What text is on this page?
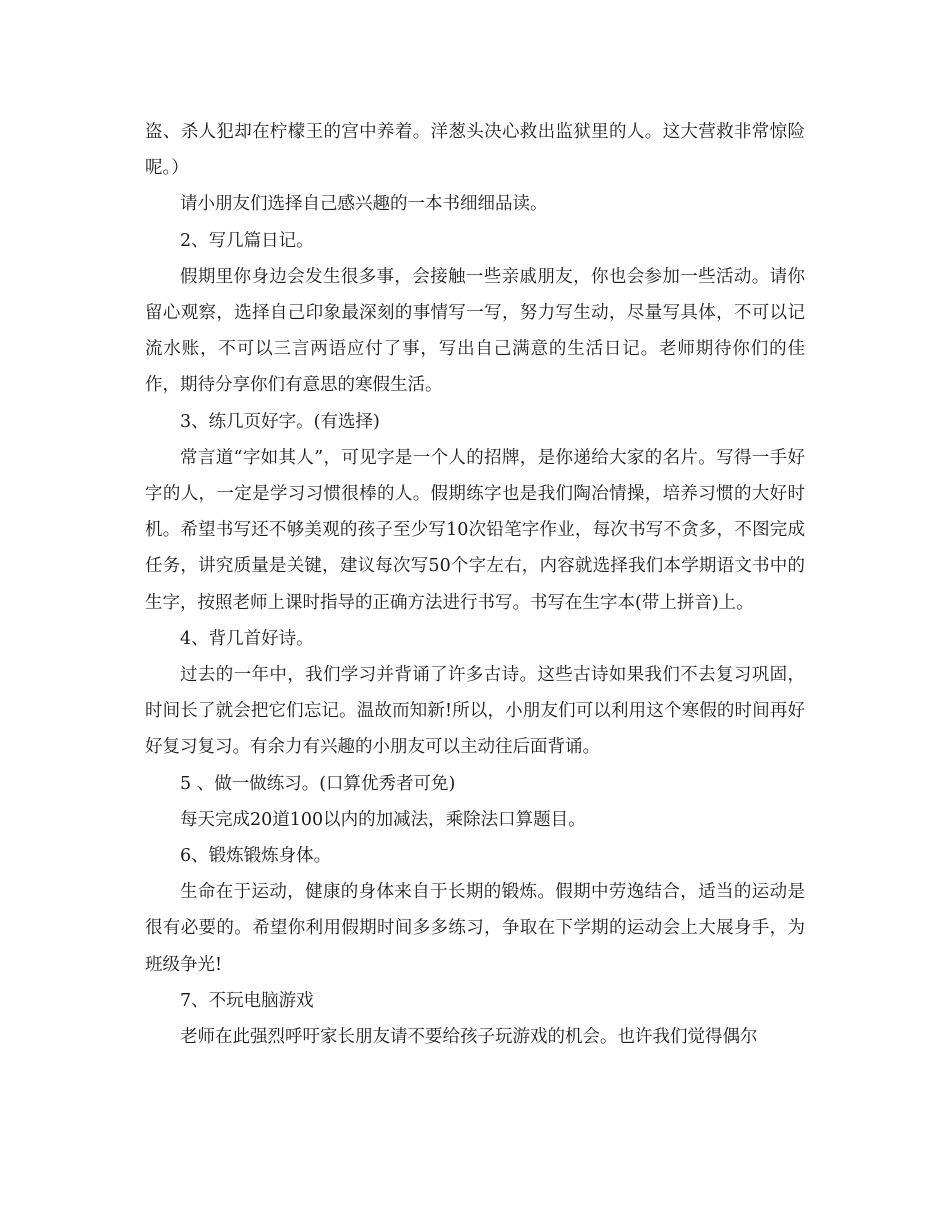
盗、杀人犯却在柠檬王的宫中养着。洋葱头决心救出监狱里的人。这大营救非常惊险呢。）

请小朋友们选择自己感兴趣的一本书细细品读。

2、写几篇日记。

假期里你身边会发生很多事，会接触一些亲戚朋友，你也会参加一些活动。请你留心观察，选择自己印象最深刻的事情写一写，努力写生动，尽量写具体，不可以记流水账，不可以三言两语应付了事，写出自己满意的生活日记。老师期待你们的佳作，期待分享你们有意思的寒假生活。

3、练几页好字。(有选择)

常言道“字如其人”，可见字是一个人的招牌，是你递给大家的名片。写得一手好字的人，一定是学习习惯很棒的人。假期练字也是我们陶冶情操，培养习惯的大好时机。希望书写还不够美观的孩子至少写10次铅笔字作业，每次书写不贪多，不图完成任务，讲究质量是关键，建议每次写50个字左右，内容就选择我们本学期语文书中的生字，按照老师上课时指导的正确方法进行书写。书写在生字本(带上拼音)上。

4、背几首好诗。

过去的一年中，我们学习并背诵了许多古诗。这些古诗如果我们不去复习巩固，时间长了就会把它们忘记。温故而知新!所以，小朋友们可以利用这个寒假的时间再好好复习复习。有余力有兴趣的小朋友可以主动往后面背诵。

5 、做一做练习。(口算优秀者可免)

每天完成20道100以内的加减法，乘除法口算题目。

6、锻炼锻炼身体。

生命在于运动，健康的身体来自于长期的锻炼。假期中劳逸结合，适当的运动是很有必要的。希望你利用假期时间多多练习，争取在下学期的运动会上大展身手，为班级争光!

7、不玩电脑游戏

老师在此强烈呼吁家长朋友请不要给孩子玩游戏的机会。也许我们觉得偶尔
